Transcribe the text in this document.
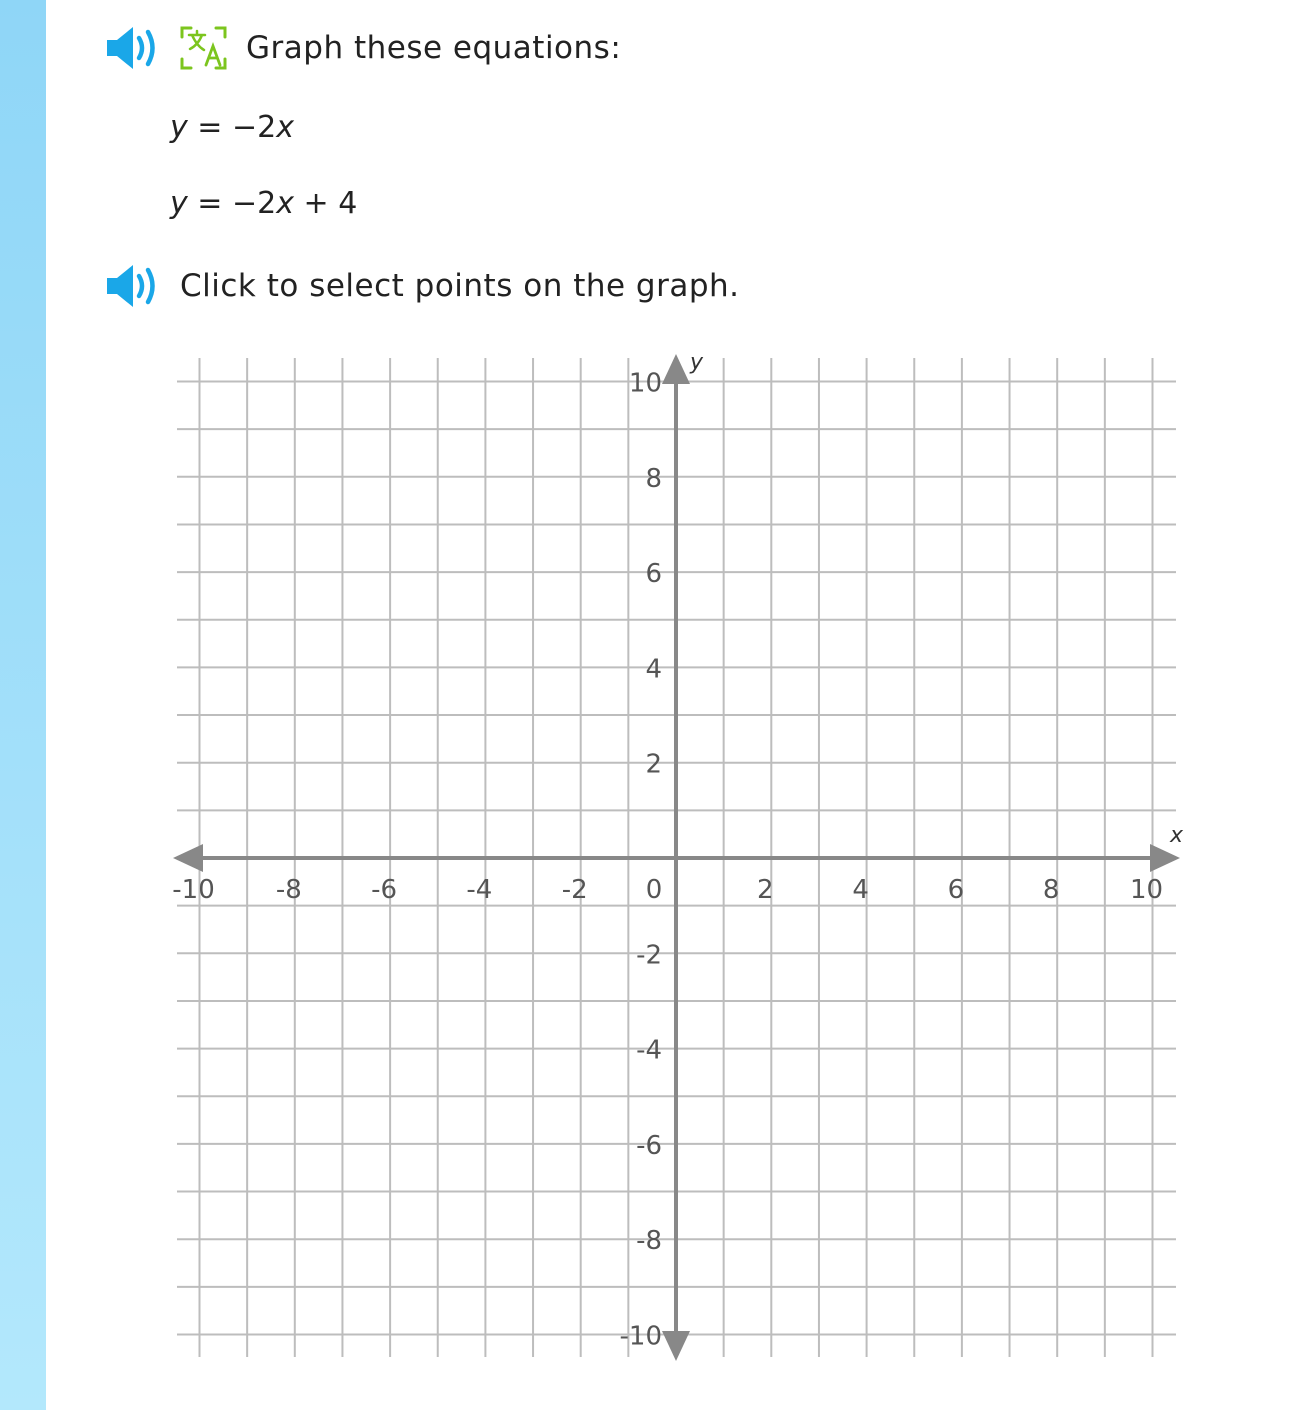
Graph these equations:
y = −2x
y = −2x + 4
Click to select points on the graph.
-10 -8	-6	-4	-2 0	2	4	6	8	10
10
8
6
4
2
-2
-4
-6
-8
-10
x
y
